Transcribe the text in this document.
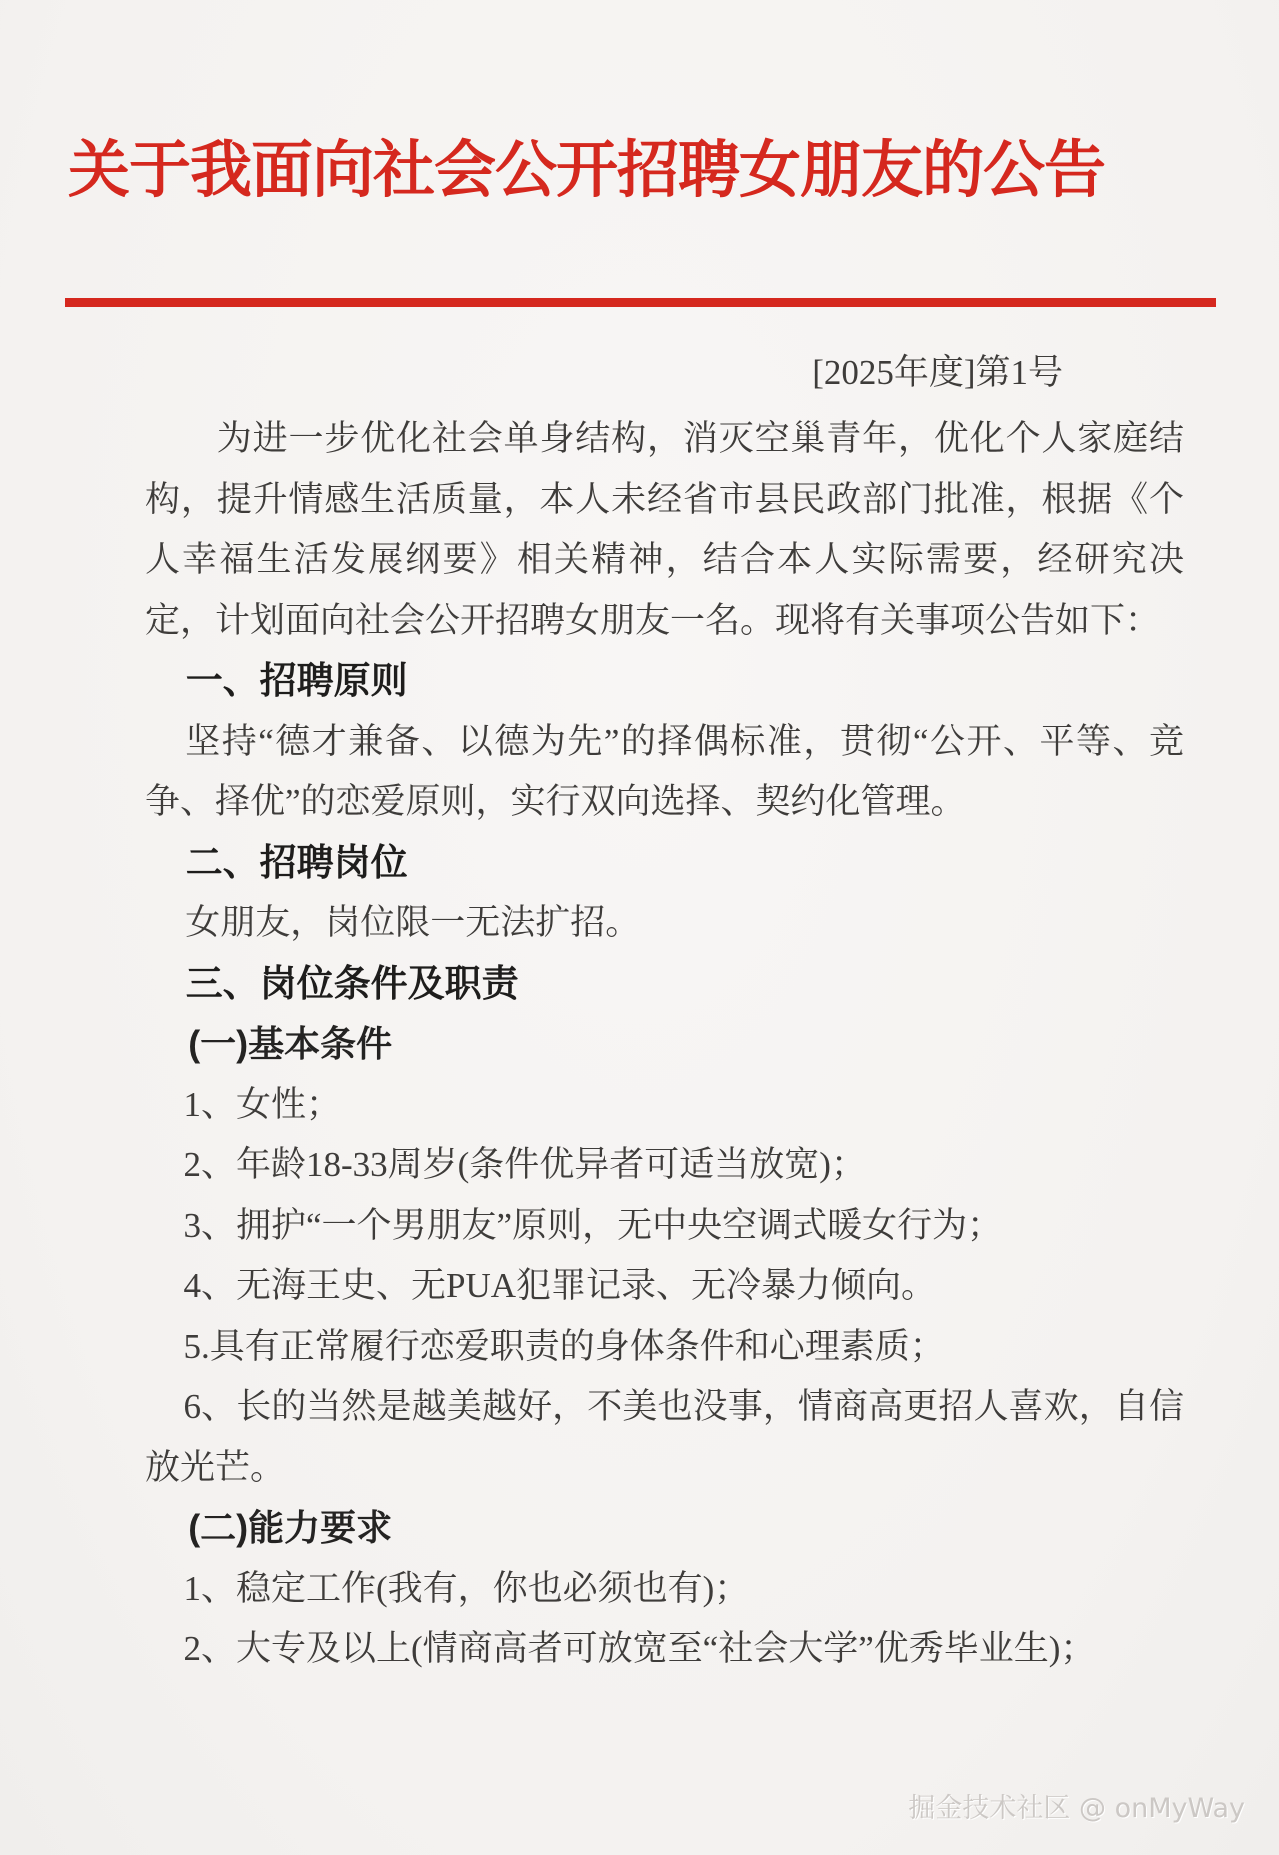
关于我面向社会公开招聘女朋友的公告
[2025年度]第1号

为进一步优化社会单身结构，消灭空巢青年，优化个人家庭结构，提升情感生活质量，本人未经省市县民政部门批准，根据《个人幸福生活发展纲要》相关精神，结合本人实际需要，经研究决定，计划面向社会公开招聘女朋友一名。现将有关事项公告如下：

一、招聘原则

坚持“德才兼备、以德为先”的择偶标准，贯彻“公开、平等、竞争、择优”的恋爱原则，实行双向选择、契约化管理。

二、招聘岗位

女朋友，岗位限一无法扩招。

三、岗位条件及职责

(一)基本条件

1、女性；

2、年龄18-33周岁(条件优异者可适当放宽)；

3、拥护“一个男朋友”原则，无中央空调式暖女行为；

4、无海王史、无PUA犯罪记录、无冷暴力倾向。

5.具有正常履行恋爱职责的身体条件和心理素质；

6、长的当然是越美越好，不美也没事，情商高更招人喜欢，自信放光芒。

(二)能力要求

1、稳定工作(我有，你也必须也有)；

2、大专及以上(情商高者可放宽至“社会大学”优秀毕业生)；

掘金技术社区 @ onMyWay
